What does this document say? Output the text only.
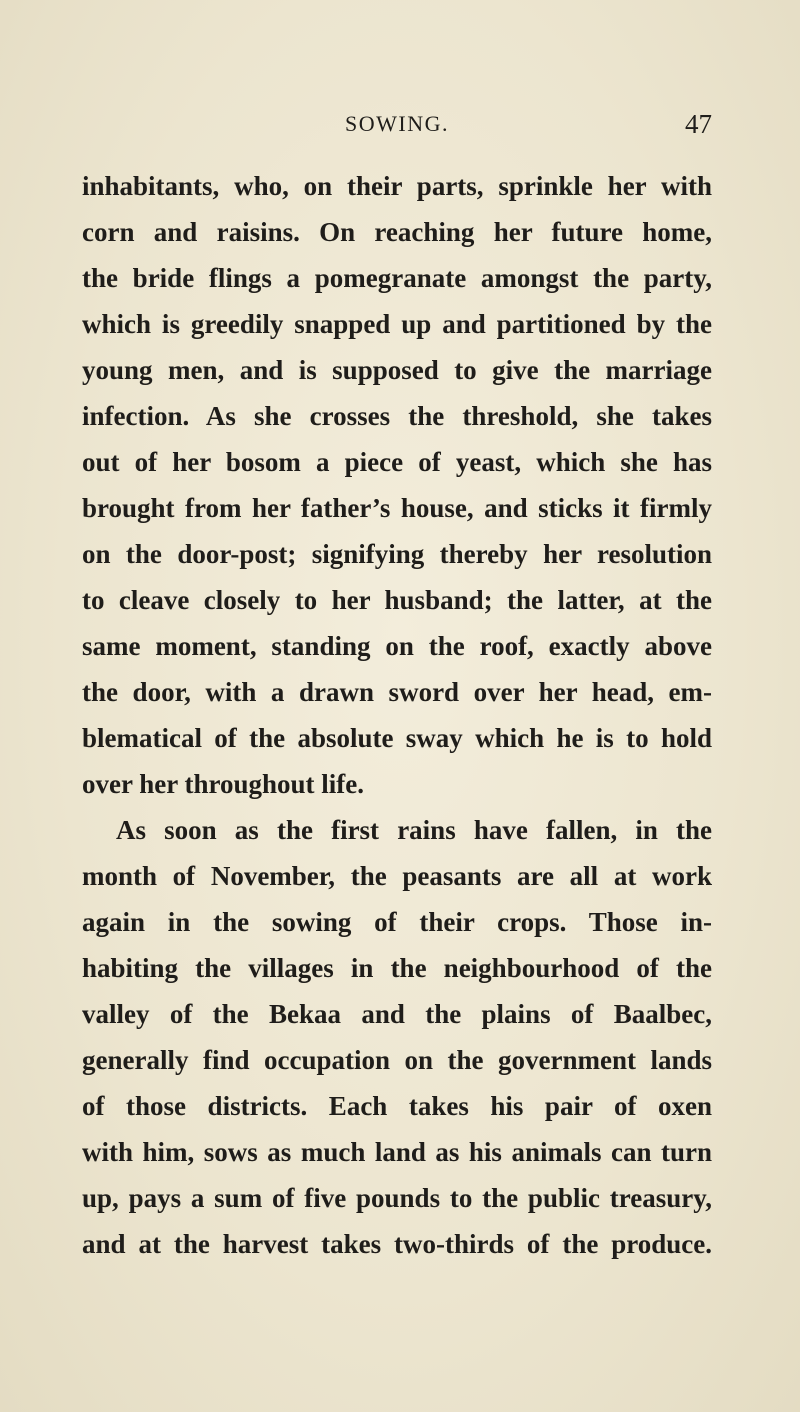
SOWING.	47
inhabitants, who, on their parts, sprinkle her with
corn and raisins. On reaching her future home,
the bride flings a pomegranate amongst the party,
which is greedily snapped up and partitioned by the
young men, and is supposed to give the marriage
infection. As she crosses the threshold, she takes
out of her bosom a piece of yeast, which she has
brought from her father’s house, and sticks it firmly
on the door-post; signifying thereby her resolution
to cleave closely to her husband; the latter, at the
same moment, standing on the roof, exactly above
the door, with a drawn sword over her head, em-
blematical of the absolute sway which he is to hold
over her throughout life.
As soon as the first rains have fallen, in the
month of November, the peasants are all at work
again in the sowing of their crops. Those in-
habiting the villages in the neighbourhood of the
valley of the Bekaa and the plains of Baalbec,
generally find occupation on the government lands
of those districts. Each takes his pair of oxen
with him, sows as much land as his animals can turn
up, pays a sum of five pounds to the public treasury,
and at the harvest takes two-thirds of the produce.
